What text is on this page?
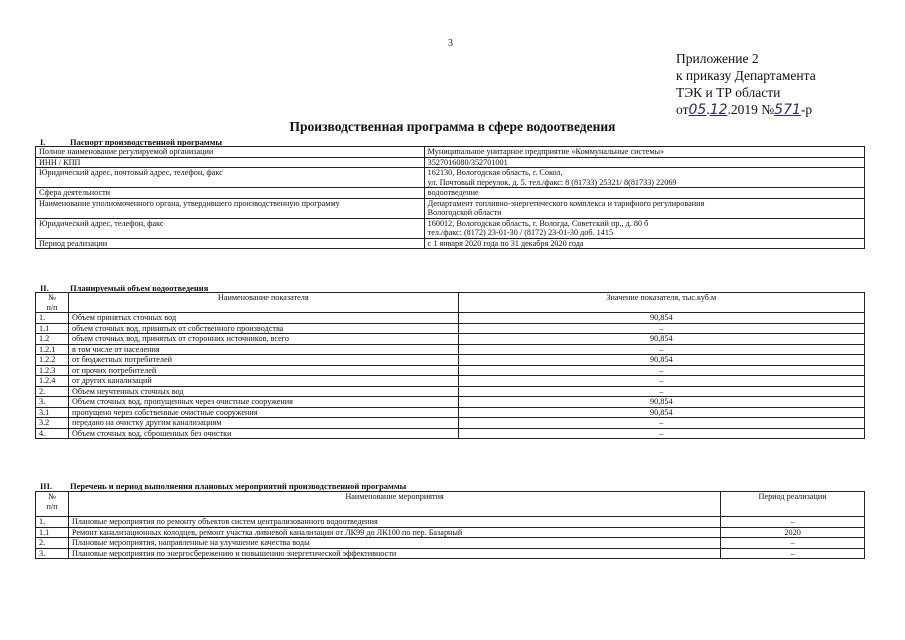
3
Приложение 2
к приказу Департамента
ТЭК и ТР области
от05.12.2019 №571-р
Производственная программа в сфере водоотведения
I.	Паспорт производственной программы
Полное наименование регулируемой организации	Муниципальное унитарное предприятие «Коммунальные системы»

ИНН / КПП	3527016080/352701001

Юридический адрес, почтовый адрес, телефон, факс	162130, Вологодская область, г. Сокол,
ул. Почтовый переулок, д. 5. тел./факс: 8 (81733) 25321/ 8(81733) 22069

Сфера деятельности	водоотведение

Наименование уполномоченного органа, утвердившего производственную программу	Департамент топливно-энергетического комплекса и тарифного регулирования
Вологодской области

Юридический адрес, телефон, факс	160012, Вологодская область, г. Вологда, Советский пр., д. 80 б
тел./факс: (8172) 23-01-30 / (8172) 23-01-30 доб. 1415

Период реализации	с 1 января 2020 года по 31 декабря 2020 года
II.	Планируемый объем водоотведения
№
п/п	Наименование показателя	Значение показателя, тыс.куб.м
1.	Объем принятых сточных вод	90,854
1.1	объем сточных вод, принятых от собственного производства	–
1.2	объем сточных вод, принятых от сторонних источников, всего	90,854
1.2.1	в том числе от населения	–
1.2.2	от бюджетных потребителей	90,854
1.2.3	от прочих потребителей	–
1.2.4	от других канализаций	–
2.	Объем неучтенных сточных вод	–
3.	Объем сточных вод, пропущенных через очистные сооружения	90,854
3.1	пропущено через собственные очистные сооружения	90,854
3.2	передано на очистку другим канализациям	–
4.	Объем сточных вод, сброшенных без очистки	–
III. Перечень и период выполнения плановых мероприятий производственной программы
№
п/п	Наименование мероприятия	Период реализации
1.	Плановые мероприятия по ремонту объектов систем централизованного водоотведения	–
1.1	Ремонт канализационных колодцев, ремонт участка ливневой канализации от ЛК99 до ЛК100 по пер. Базарный	2020
2.	Плановые мероприятия, направленные на улучшение качества воды	–
3.	Плановые мероприятия по энергосбережению и повышению энергетической эффективности	–
